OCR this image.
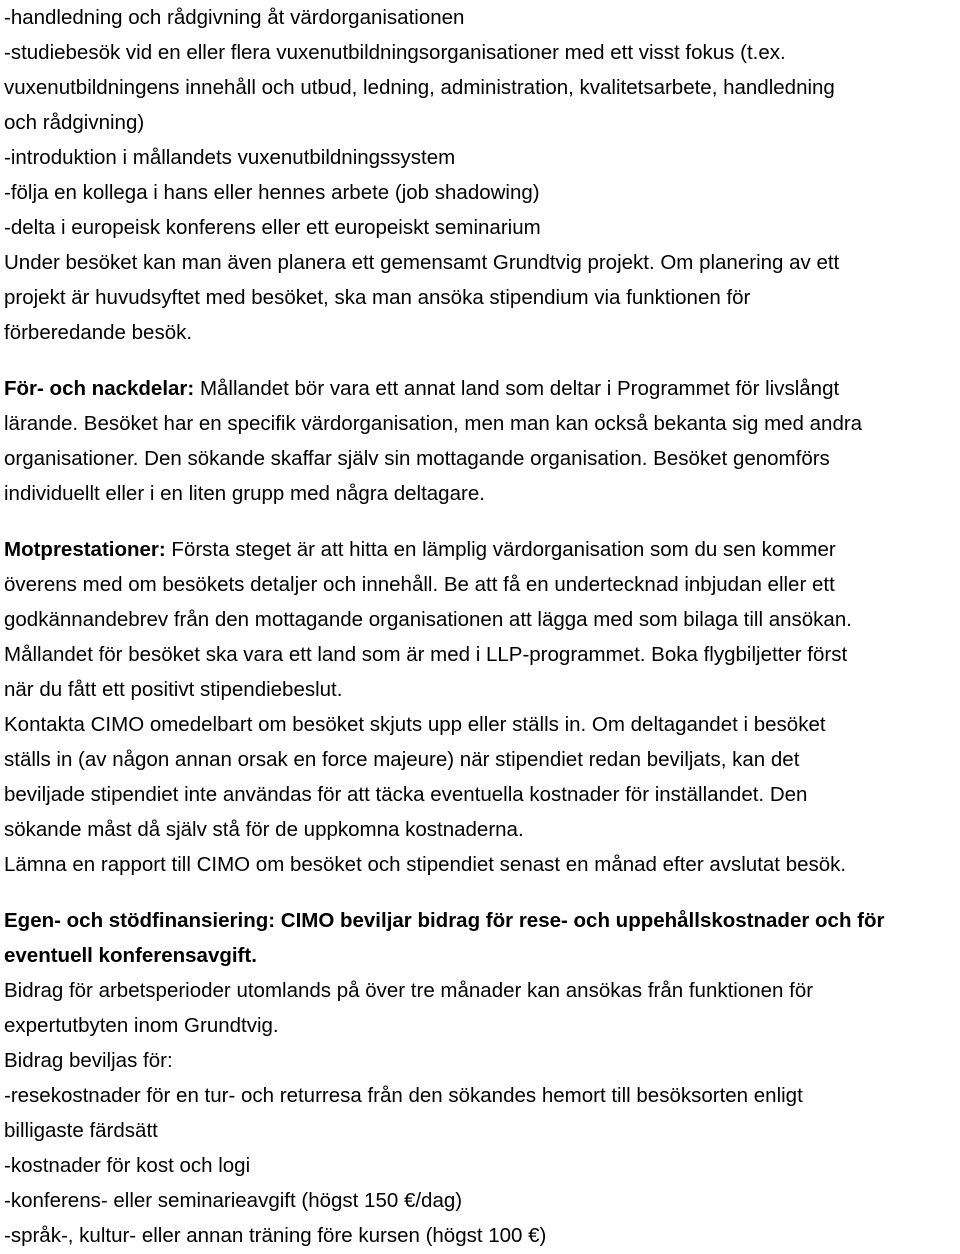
-handledning och rådgivning åt värdorganisationen
-studiebesök vid en eller flera vuxenutbildningsorganisationer med ett visst fokus (t.ex.
vuxenutbildningens innehåll och utbud, ledning, administration, kvalitetsarbete, handledning
och rådgivning)
-introduktion i mållandets vuxenutbildningssystem
-följa en kollega i hans eller hennes arbete (job shadowing)
-delta i europeisk konferens eller ett europeiskt seminarium
Under besöket kan man även planera ett gemensamt Grundtvig projekt. Om planering av ett
projekt är huvudsyftet med besöket, ska man ansöka stipendium via funktionen för
förberedande besök.
För- och nackdelar: Mållandet bör vara ett annat land som deltar i Programmet för livslångt
lärande. Besöket har en specifik värdorganisation, men man kan också bekanta sig med andra
organisationer. Den sökande skaffar själv sin mottagande organisation. Besöket genomförs
individuellt eller i en liten grupp med några deltagare.
Motprestationer: Första steget är att hitta en lämplig värdorganisation som du sen kommer
överens med om besökets detaljer och innehåll. Be att få en undertecknad inbjudan eller ett
godkännandebrev från den mottagande organisationen att lägga med som bilaga till ansökan.
Mållandet för besöket ska vara ett land som är med i LLP-programmet. Boka flygbiljetter först
när du fått ett positivt stipendiebeslut.
Kontakta CIMO omedelbart om besöket skjuts upp eller ställs in. Om deltagandet i besöket
ställs in (av någon annan orsak en force majeure) när stipendiet redan beviljats, kan det
beviljade stipendiet inte användas för att täcka eventuella kostnader för inställandet. Den
sökande måst då själv stå för de uppkomna kostnaderna.
Lämna en rapport till CIMO om besöket och stipendiet senast en månad efter avslutat besök.
Egen- och stödfinansiering: CIMO beviljar bidrag för rese- och uppehållskostnader och för
eventuell konferensavgift.
Bidrag för arbetsperioder utomlands på över tre månader kan ansökas från funktionen för
expertutbyten inom Grundtvig.
Bidrag beviljas för:
-resekostnader för en tur- och returresa från den sökandes hemort till besöksorten enligt
billigaste färdsätt
-kostnader för kost och logi
-konferens- eller seminarieavgift (högst 150 €/dag)
-språk-, kultur- eller annan träning före kursen (högst 100 €)
